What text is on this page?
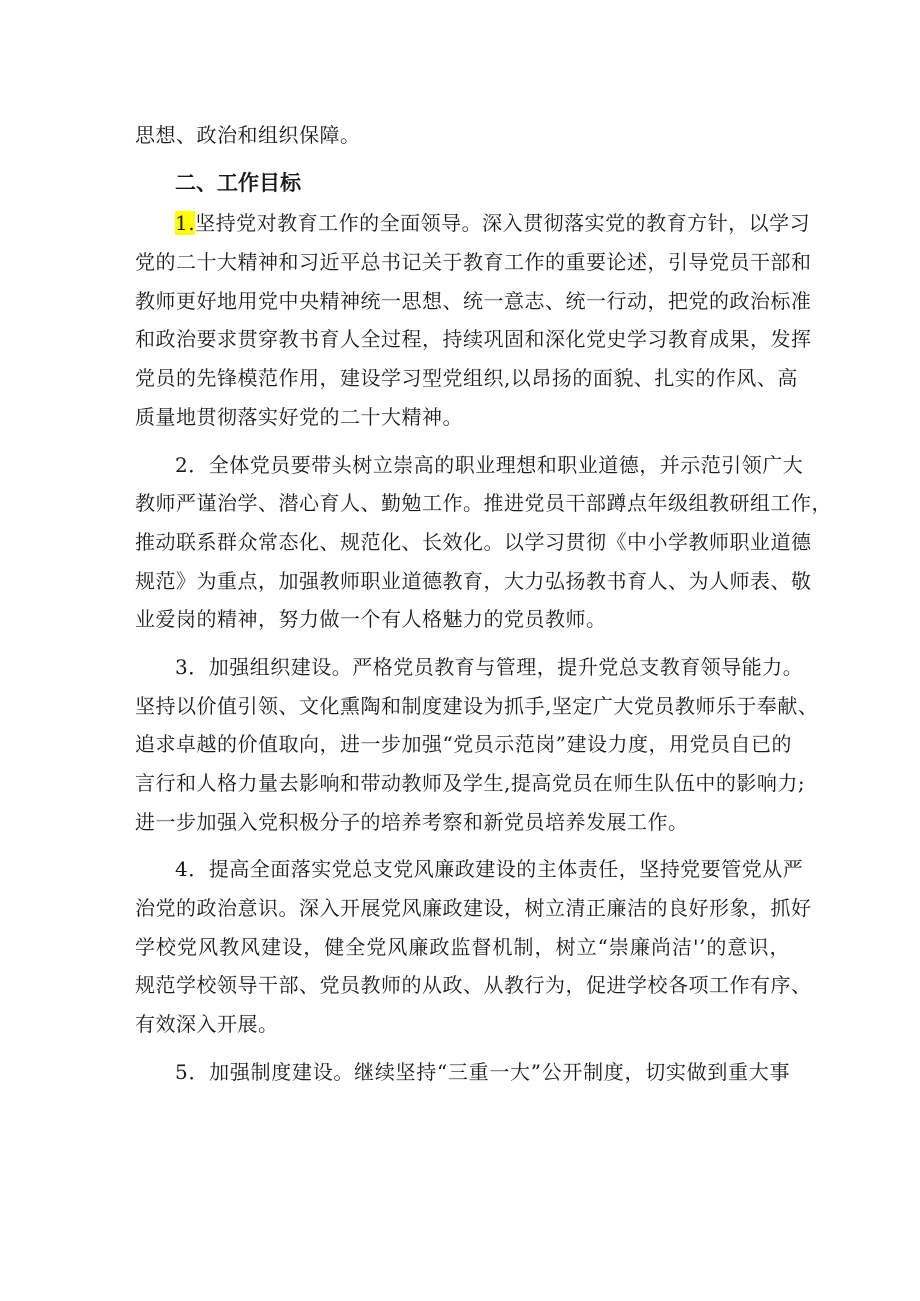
思想、政治和组织保障。
二、工作目标
1.坚持党对教育工作的全面领导。深入贯彻落实党的教育方针，以学习
党的二十大精神和习近平总书记关于教育工作的重要论述，引导党员干部和
教师更好地用党中央精神统一思想、统一意志、统一行动，把党的政治标准
和政治要求贯穿教书育人全过程，持续巩固和深化党史学习教育成果，发挥
党员的先锋模范作用，建设学习型党组织,以昂扬的面貌、扎实的作风、高
质量地贯彻落实好党的二十大精神。
2．全体党员要带头树立崇高的职业理想和职业道德，并示范引领广大
教师严谨治学、潜心育人、勤勉工作。推进党员干部蹲点年级组教研组工作，
推动联系群众常态化、规范化、长效化。以学习贯彻《中小学教师职业道德
规范》为重点，加强教师职业道德教育，大力弘扬教书育人、为人师表、敬
业爱岗的精神，努力做一个有人格魅力的党员教师。
3．加强组织建设。严格党员教育与管理，提升党总支教育领导能力。
坚持以价值引领、文化熏陶和制度建设为抓手,坚定广大党员教师乐于奉献、
追求卓越的价值取向，进一步加强“党员示范岗”建设力度，用党员自已的
言行和人格力量去影响和带动教师及学生,提高党员在师生队伍中的影响力;
进一步加强入党积极分子的培养考察和新党员培养发展工作。
4．提高全面落实党总支党风廉政建设的主体责任，坚持党要管党从严
治党的政治意识。深入开展党风廉政建设，树立清正廉洁的良好形象，抓好
学校党风教风建设，健全党风廉政监督机制，树立“崇廉尚洁'’的意识，
规范学校领导干部、党员教师的从政、从教行为，促进学校各项工作有序、
有效深入开展。
5．加强制度建设。继续坚持“三重一大”公开制度，切实做到重大事
